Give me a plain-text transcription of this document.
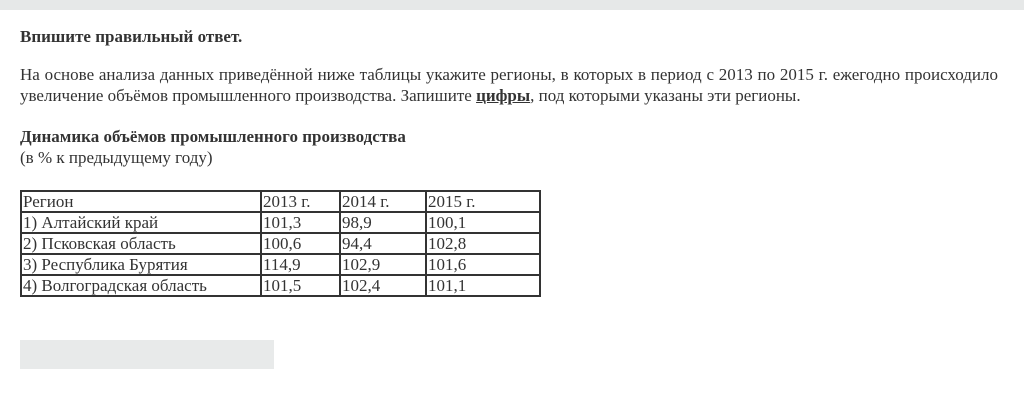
Впишите правильный ответ.

На основе анализа данных приведённой ниже таблицы укажите регионы, в которых в период с 2013 по 2015 г. ежегодно происходило увеличение объёмов промышленного производства. Запишите цифры, под которыми указаны эти регионы.

Динамика объёмов промышленного производства

(в % к предыдущему году)

Регион	2013 г.	2014 г.	2015 г.
1) Алтайский край	101,3	98,9	100,1
2) Псковская область	100,6	94,4	102,8
3) Республика Бурятия	114,9	102,9	101,6
4) Волгоградская область	101,5	102,4	101,1
